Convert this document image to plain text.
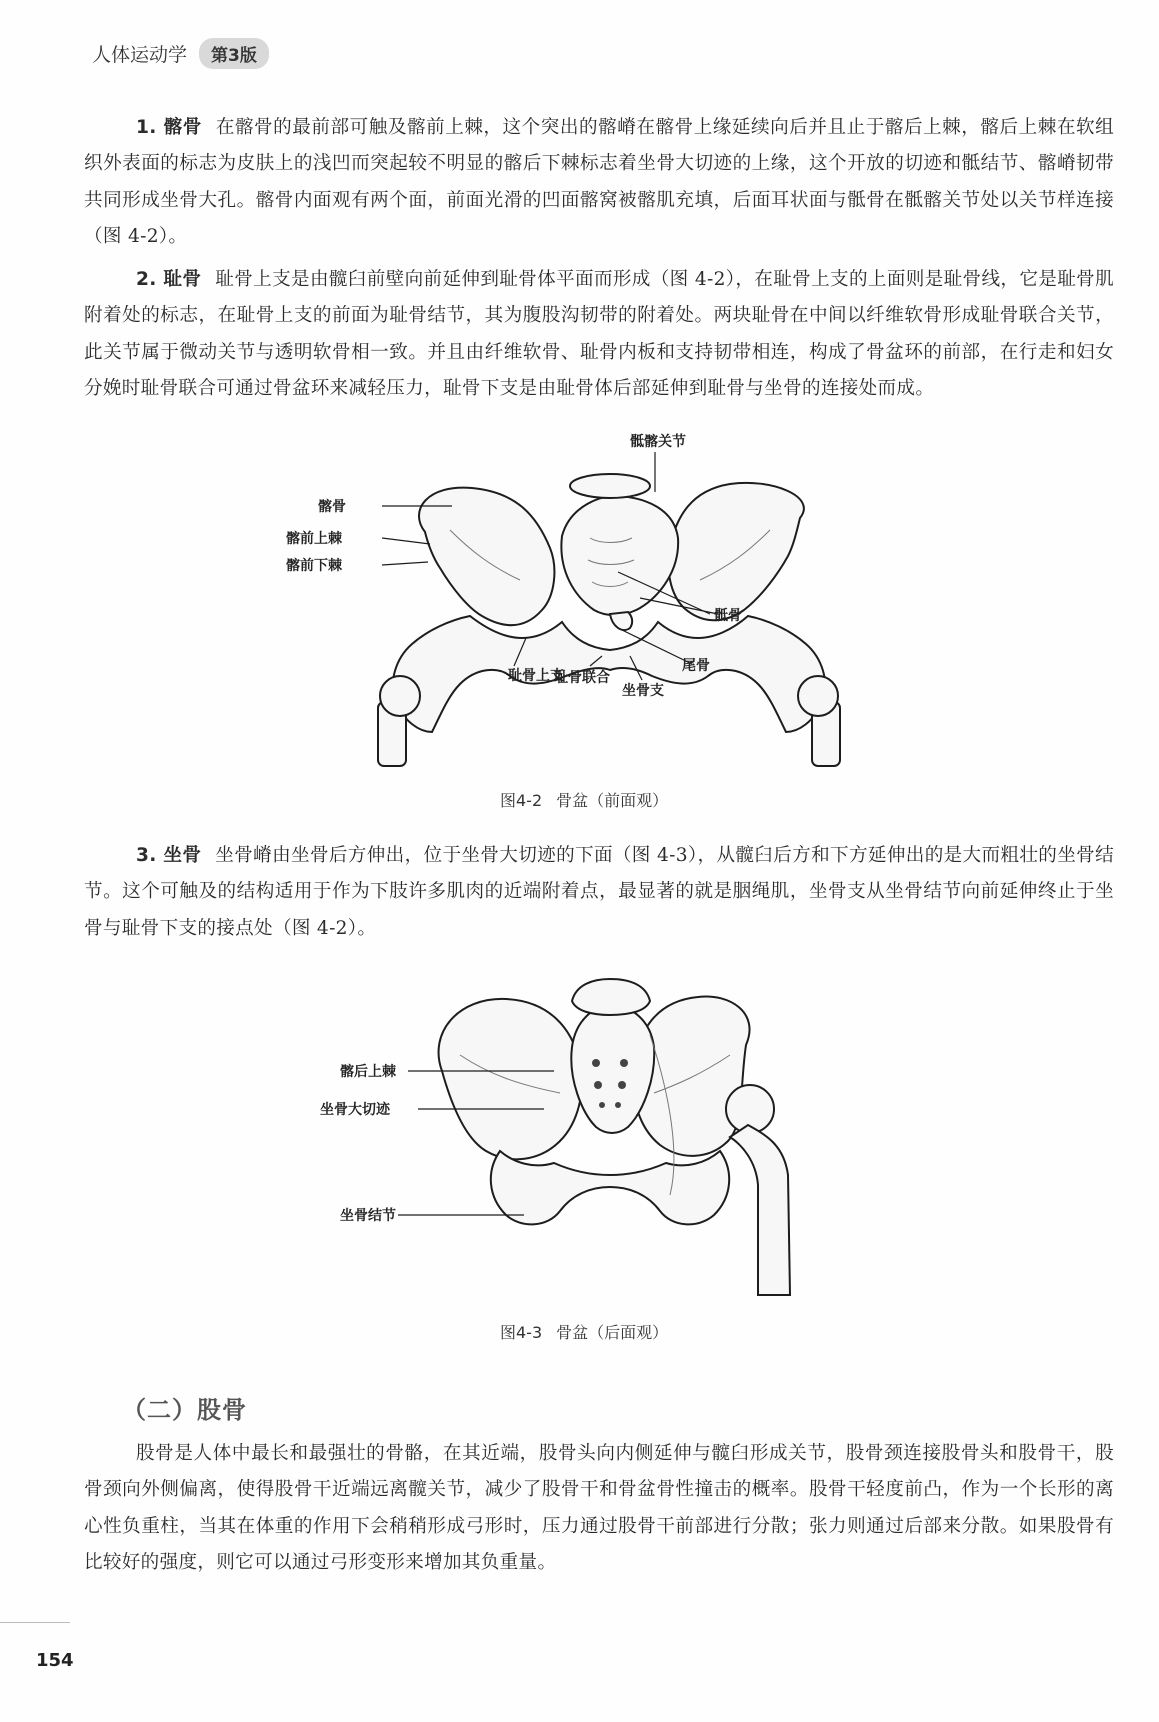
人体运动学	第3版

1. 髂骨 在髂骨的最前部可触及髂前上棘，这个突出的髂嵴在髂骨上缘延续向后并且止于髂后上棘，髂后上棘在软组织外表面的标志为皮肤上的浅凹而突起较不明显的髂后下棘标志着坐骨大切迹的上缘，这个开放的切迹和骶结节、髂嵴韧带共同形成坐骨大孔。髂骨内面观有两个面，前面光滑的凹面髂窝被髂肌充填，后面耳状面与骶骨在骶髂关节处以关节样连接（图 4-2）。

2. 耻骨 耻骨上支是由髋臼前壁向前延伸到耻骨体平面而形成（图 4-2），在耻骨上支的上面则是耻骨线，它是耻骨肌附着处的标志，在耻骨上支的前面为耻骨结节，其为腹股沟韧带的附着处。两块耻骨在中间以纤维软骨形成耻骨联合关节，此关节属于微动关节与透明软骨相一致。并且由纤维软骨、耻骨内板和支持韧带相连，构成了骨盆环的前部，在行走和妇女分娩时耻骨联合可通过骨盆环来减轻压力，耻骨下支是由耻骨体后部延伸到耻骨与坐骨的连接处而成。

骶髂关节
髂骨
髂前上棘
髂前下棘
骶骨
尾骨
耻骨上支
耻骨联合
坐骨支
图4-2 骨盆（前面观）

3. 坐骨 坐骨嵴由坐骨后方伸出，位于坐骨大切迹的下面（图 4-3），从髋臼后方和下方延伸出的是大而粗壮的坐骨结节。这个可触及的结构适用于作为下肢许多肌肉的近端附着点，最显著的就是胭绳肌，坐骨支从坐骨结节向前延伸终止于坐骨与耻骨下支的接点处（图 4-2）。

髂后上棘
坐骨大切迹
坐骨结节
图4-3 骨盆（后面观）
（二）股骨

股骨是人体中最长和最强壮的骨骼，在其近端，股骨头向内侧延伸与髋臼形成关节，股骨颈连接股骨头和股骨干，股骨颈向外侧偏离，使得股骨干近端远离髋关节，减少了股骨干和骨盆骨性撞击的概率。股骨干轻度前凸，作为一个长形的离心性负重柱，当其在体重的作用下会稍稍形成弓形时，压力通过股骨干前部进行分散；张力则通过后部来分散。如果股骨有比较好的强度，则它可以通过弓形变形来增加其负重量。

154
